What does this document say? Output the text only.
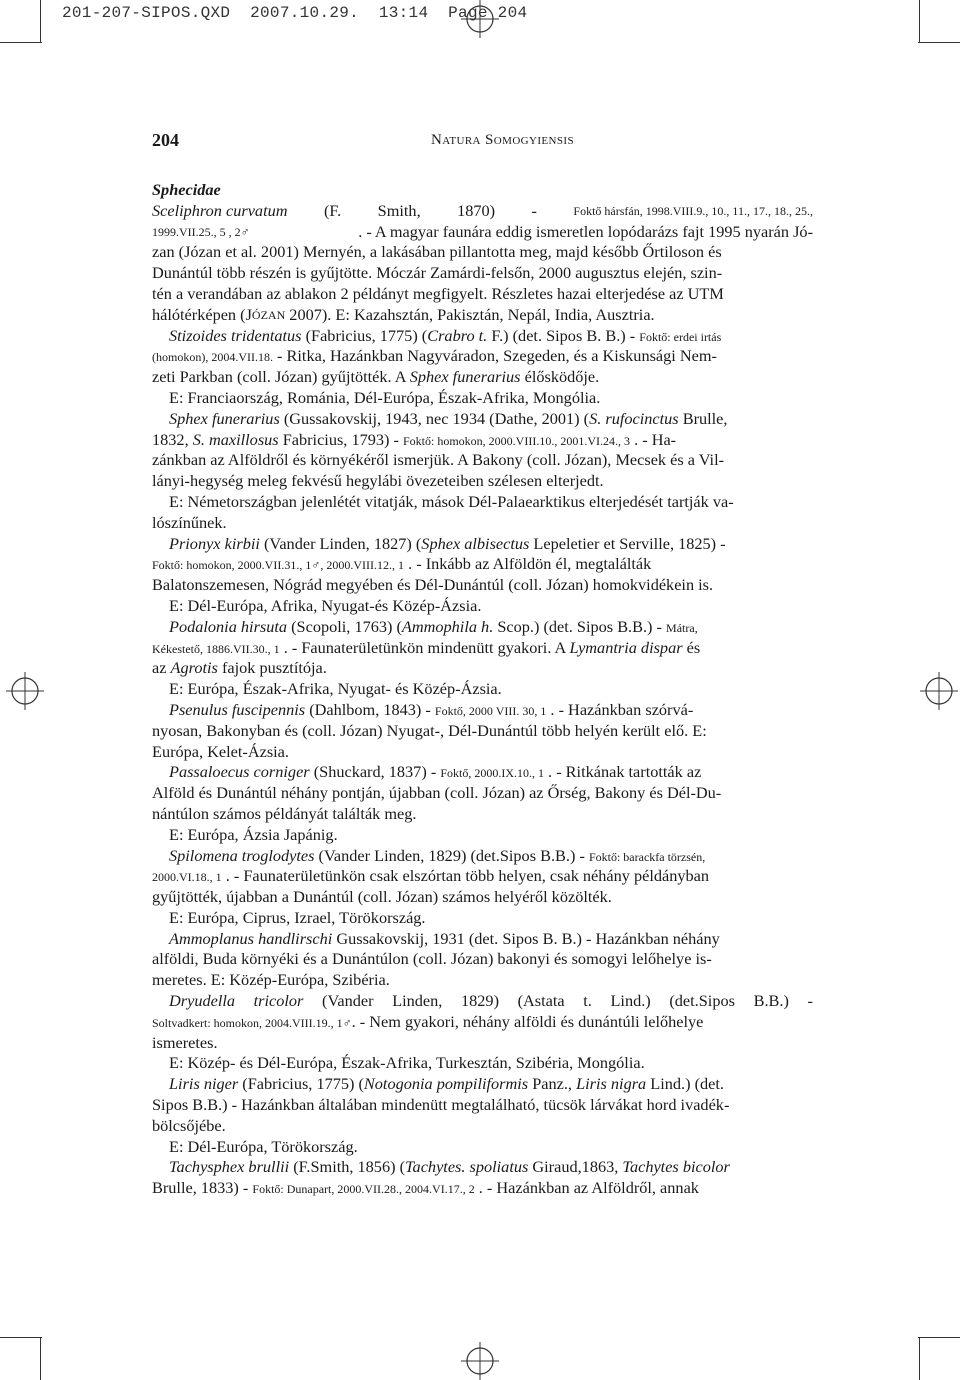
201-207-SIPOS.QXD  2007.10.29.  13:14  Page 204
204	Natura Somogyiensis
Sphecidae
Sceliphron curvatum (F. Smith, 1870) -	Foktő hársfán, 1998.VIII.9., 10., 11., 17., 18., 25.,
1999.VII.25., 5 , 2♂	. - A magyar faunára eddig ismeretlen lopódarázs fajt 1995 nyarán Jó-
zan (Józan et al. 2001) Mernyén, a lakásában pillantotta meg, majd később Őrtiloson és
Dunántúl több részén is gyűjtötte. Móczár Zamárdi-felsőn, 2000 augusztus elején, szin-
tén a verandában az ablakon 2 példányt megfigyelt. Részletes hazai elterjedése az UTM
hálótérképen (J ÓZAN 2007). E: Kazahsztán, Pakisztán, Nepál, India, Ausztria.
Stizoides tridentatus (Fabricius, 1775) (Crabro t. F.) (det. Sipos B. B.) - Foktő: erdei irtás
(homokon), 2004.VII.18. - Ritka, Hazánkban Nagyváradon, Szegeden, és a Kiskunsági Nem-
zeti Parkban (coll. Józan) gyűjtötték. A Sphex funerarius élősködője.
E: Franciaország, Románia, Dél-Európa, Észak-Afrika, Mongólia.
Sphex funerarius (Gussakovskij, 1943, nec 1934 (Dathe, 2001) (S. rufocinctus Brulle,
1832, S. maxillosus Fabricius, 1793) - Foktő: homokon, 2000.VIII.10., 2001.VI.24., 3 . - Ha-
zánkban az Alföldről és környékéről ismerjük. A Bakony (coll. Józan), Mecsek és a Vil-
lányi-hegység meleg fekvésű hegylábi övezeteiben szélesen elterjedt.
E: Németországban jelenlétét vitatják, mások Dél-Palaearktikus elterjedését tartják va-
lószínűnek.
Prionyx kirbii (Vander Linden, 1827) (Sphex albisectus Lepeletier et Serville, 1825) -
Foktő: homokon, 2000.VII.31., 1♂, 2000.VIII.12., 1 . - Inkább az Alföldön él, megtalálták
Balatonszemesen, Nógrád megyében és Dél-Dunántúl (coll. Józan) homokvidékein is.
E: Dél-Európa, Afrika, Nyugat-és Közép-Ázsia.
Podalonia hirsuta (Scopoli, 1763) (Ammophila h. Scop.) (det. Sipos B.B.) - Mátra,
Kékestető, 1886.VII.30., 1 . - Faunaterületünkön mindenütt gyakori. A Lymantria dispar és
az Agrotis fajok pusztítója.
E: Európa, Észak-Afrika, Nyugat- és Közép-Ázsia.
Psenulus fuscipennis (Dahlbom, 1843) - Foktő, 2000 VIII. 30, 1 . - Hazánkban szórvá-
nyosan, Bakonyban és (coll. Józan) Nyugat-, Dél-Dunántúl több helyén került elő. E:
Európa, Kelet-Ázsia.
Passaloecus corniger (Shuckard, 1837) - Foktő, 2000.IX.10., 1 . - Ritkának tartották az
Alföld és Dunántúl néhány pontján, újabban (coll. Józan) az Őrség, Bakony és Dél-Du-
nántúlon számos példányát találták meg.
E: Európa, Ázsia Japánig.
Spilomena troglodytes (Vander Linden, 1829) (det.Sipos B.B.) - Foktő: barackfa törzsén,
2000.VI.18., 1 . - Faunaterületünkön csak elszórtan több helyen, csak néhány példányban
gyűjtötték, újabban a Dunántúl (coll. Józan) számos helyéről közölték.
E: Európa, Ciprus, Izrael, Törökország.
Ammoplanus handlirschi Gussakovskij, 1931 (det. Sipos B. B.) - Hazánkban néhány
alföldi, Buda környéki és a Dunántúlon (coll. Józan) bakonyi és somogyi lelőhelye is-
meretes. E: Közép-Európa, Szibéria.
Dryudella tricolor (Vander Linden, 1829) (Astata t. Lind.) (det.Sipos B.B.) -
Soltvadkert: homokon, 2004.VIII.19., 1♂. - Nem gyakori, néhány alföldi és dunántúli lelőhelye
ismeretes.
E: Közép- és Dél-Európa, Észak-Afrika, Turkesztán, Szibéria, Mongólia.
Liris niger (Fabricius, 1775) (Notogonia pompiliformis Panz., Liris nigra Lind.) (det.
Sipos B.B.) - Hazánkban általában mindenütt megtalálható, tücsök lárvákat hord ivadék-
bölcsőjébe.
E: Dél-Európa, Törökország.
Tachysphex brullii (F.Smith, 1856) (Tachytes. spoliatus Giraud,1863, Tachytes bicolor
Brulle, 1833) - Foktő: Dunapart, 2000.VII.28., 2004.VI.17., 2 . - Hazánkban az Alföldről, annak
